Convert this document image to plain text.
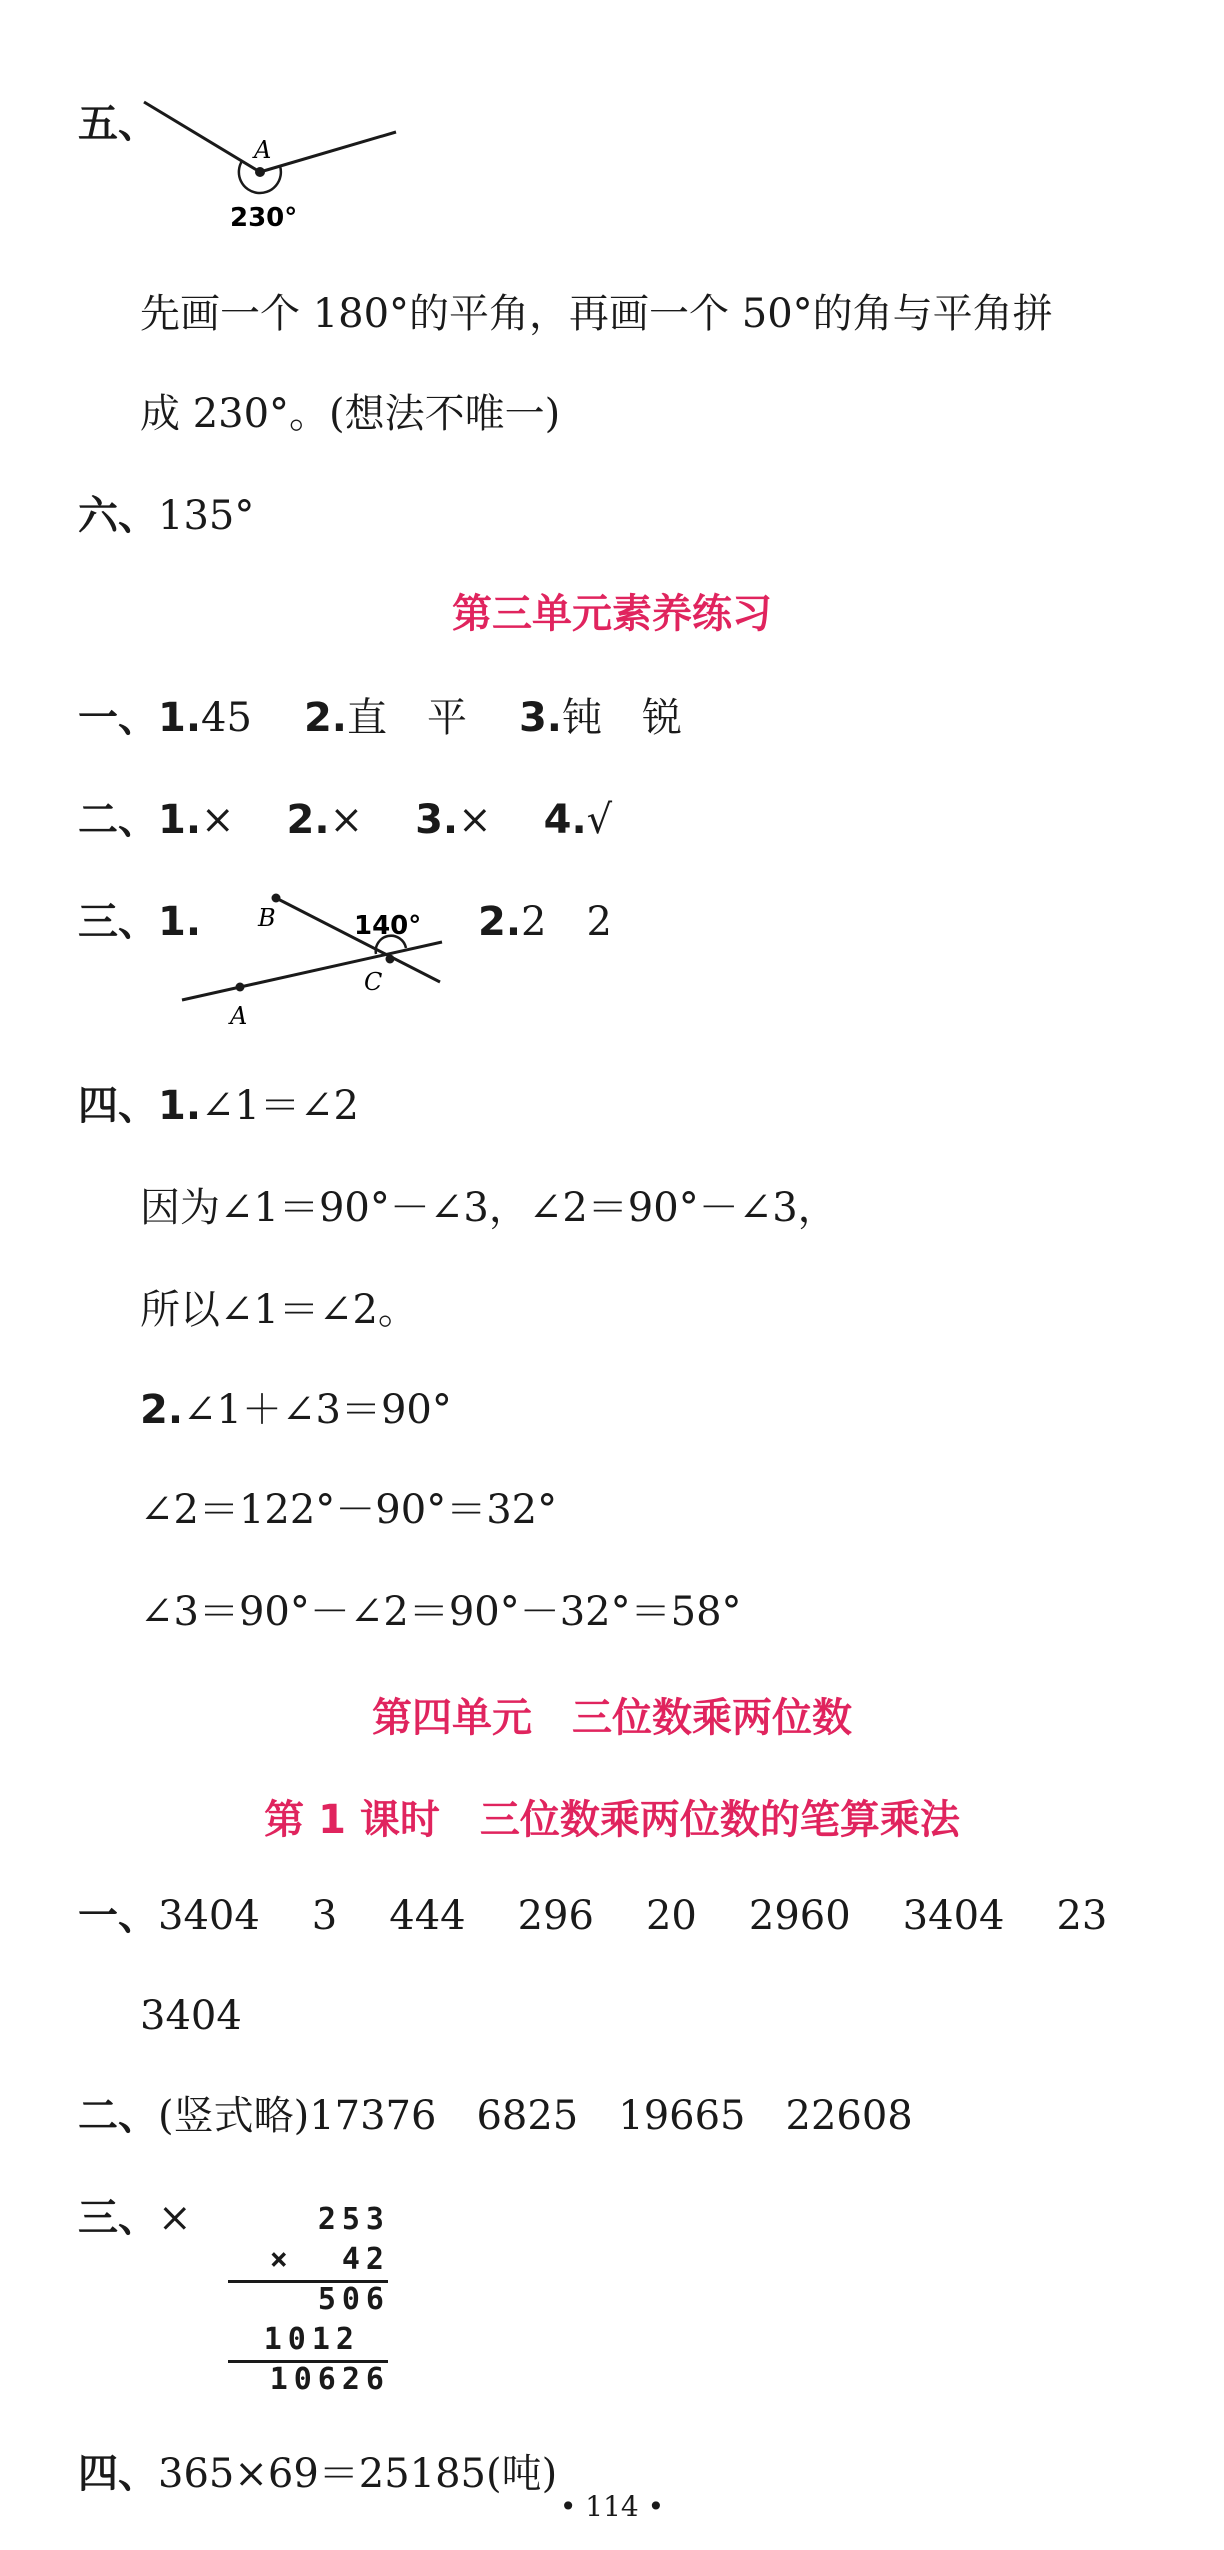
五、
A
230°
先画一个 180°的平角，再画一个 50°的角与平角拼
成 230°。(想法不唯一)
六、135°
第三单元素养练习
一、1.45 2.直　平 3.钝　锐
二、1.× 2.× 3.× 4.√
三、1. B
A
C
140° 2.2　2
四、1.∠1＝∠2
因为∠1＝90°－∠3，∠2＝90°－∠3，
所以∠1＝∠2。
2.∠1＋∠3＝90°
∠2＝122°－90°＝32°
∠3＝90°－∠2＝90°－32°＝58°
第四单元　三位数乘两位数
第 1 课时　三位数乘两位数的笔算乘法
一、3404 3 444 296 20 2960 3404 23
3404
二、(竖式略)17376　6825　19665　22608
三、×	253
×  42
506
1012
10626
四、365×69＝25185(吨)
• 114 •
